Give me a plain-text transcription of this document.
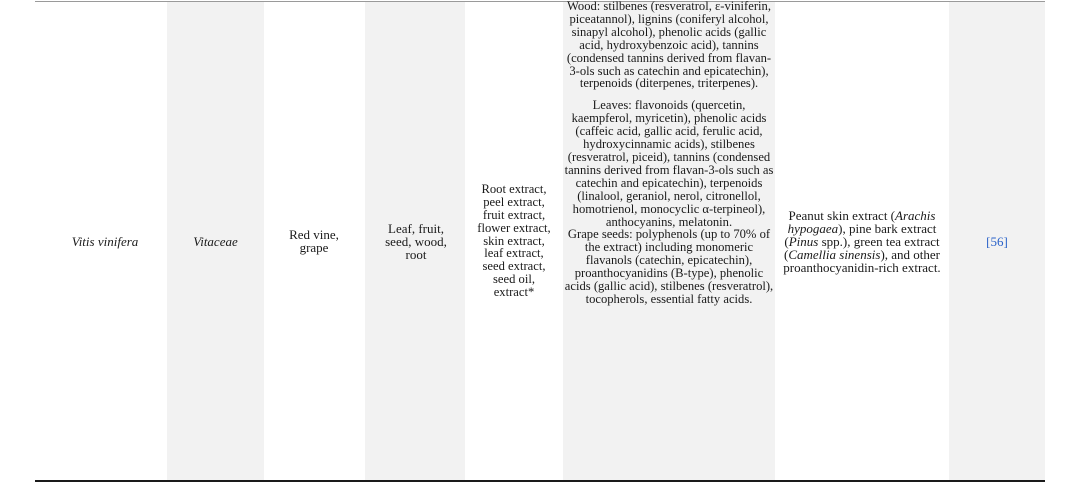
Vitis vinifera	Vitaceae	Red vine, grape
Leaf, fruit, seed, wood, root
Root extract, peel extract, fruit extract, flower extract, skin extract, leaf extract, seed extract, seed oil, extract*

Wood: stilbenes (resveratrol, ε-viniferin, piceatannol), lignins (coniferyl alcohol, sinapyl alcohol), phenolic acids (gallic acid, hydroxybenzoic acid), tannins (condensed tannins derived from flavan-3-ols such as catechin and epicatechin), terpenoids (diterpenes, triterpenes).

Leaves: flavonoids (quercetin, kaempferol, myricetin), phenolic acids (caffeic acid, gallic acid, ferulic acid, hydroxycinnamic acids), stilbenes (resveratrol, piceid), tannins (condensed tannins derived from flavan-3-ols such as catechin and epicatechin), terpenoids (linalool, geraniol, nerol, citronellol, homotrienol, monocyclic α-terpineol), anthocyanins, melatonin.

Grape seeds: polyphenols (up to 70% of the extract) including monomeric flavanols (catechin, epicatechin), proanthocyanidins (B-type), phenolic acids (gallic acid), stilbenes (resveratrol), tocopherols, essential fatty acids.

Peanut skin extract (Arachis hypogaea), pine bark extract (Pinus spp.), green tea extract (Camellia sinensis), and other proanthocyanidin-rich extract.
[56]
